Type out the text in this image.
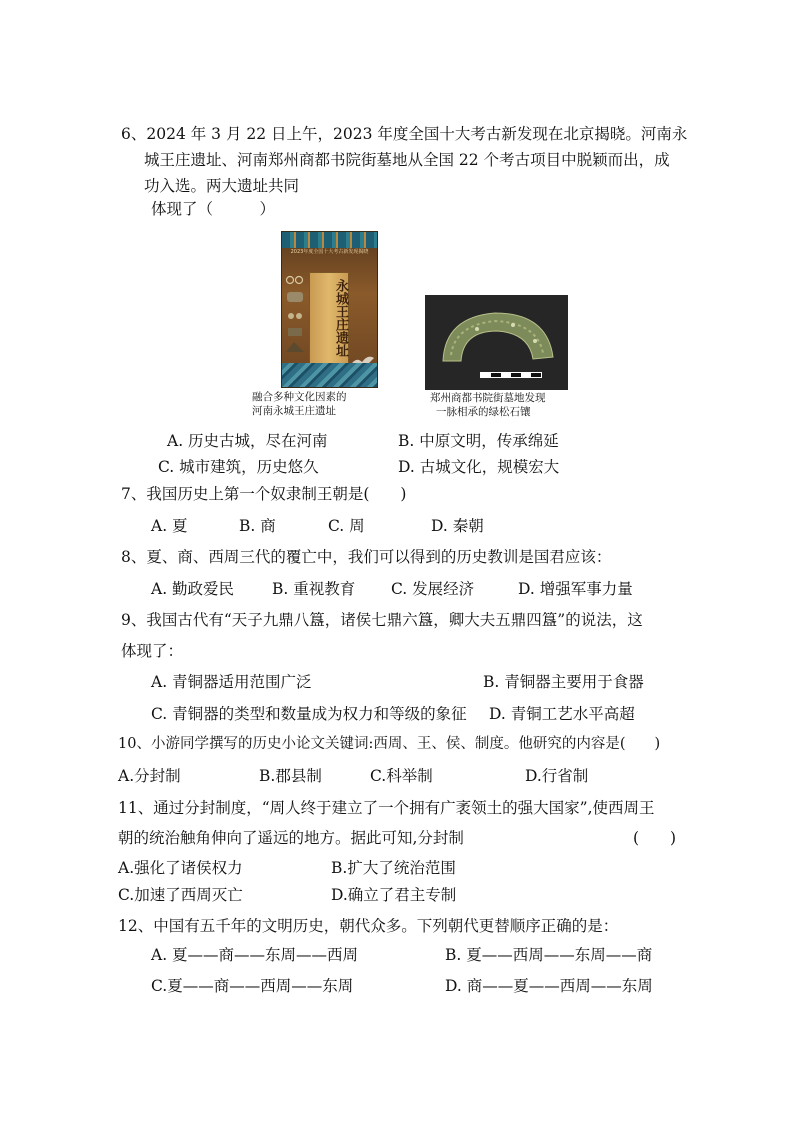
6、2024 年 3 月 22 日上午，2023 年度全国十大考古新发现在北京揭晓。河南永
城王庄遗址、河南郑州商都书院街墓地从全国 22 个考古项目中脱颖而出，成
功入选。两大遗址共同
体现了（　　　）
2023年度全国十大考古新发现揭晓
永城王庄遗址
融合多种文化因素的
河南永城王庄遗址
郑州商都书院街墓地发现
一脉相承的绿松石镶
A. 历史古城，尽在河南	B. 中原文明，传承绵延
C. 城市建筑，历史悠久	D. 古城文化，规模宏大
7、我国历史上第一个奴隶制王朝是(　　)
A. 夏	B. 商	C. 周	D. 秦朝
8、夏、商、西周三代的覆亡中，我们可以得到的历史教训是国君应该：
A. 勤政爱民 B. 重视教育 C. 发展经济	D. 增强军事力量
9、我国古代有“天子九鼎八簋，诸侯七鼎六簋，卿大夫五鼎四簋”的说法，这
体现了：
A. 青铜器适用范围广泛	B. 青铜器主要用于食器
C. 青铜器的类型和数量成为权力和等级的象征 D. 青铜工艺水平高超
10、小游同学撰写的历史小论文关键词:西周、王、侯、制度。他研究的内容是(　　)
A.分封制	B.郡县制	C.科举制	D.行省制
11、通过分封制度，“周人终于建立了一个拥有广袤领土的强大国家”,使西周王
朝的统治触角伸向了遥远的地方。据此可知,分封制	(　　)
A.强化了诸侯权力	B.扩大了统治范围
C.加速了西周灭亡	D.确立了君主专制
12、中国有五千年的文明历史，朝代众多。下列朝代更替顺序正确的是：
A. 夏——商——东周——西周	B. 夏——西周——东周——商
C.夏——商——西周——东周	D. 商——夏——西周——东周
